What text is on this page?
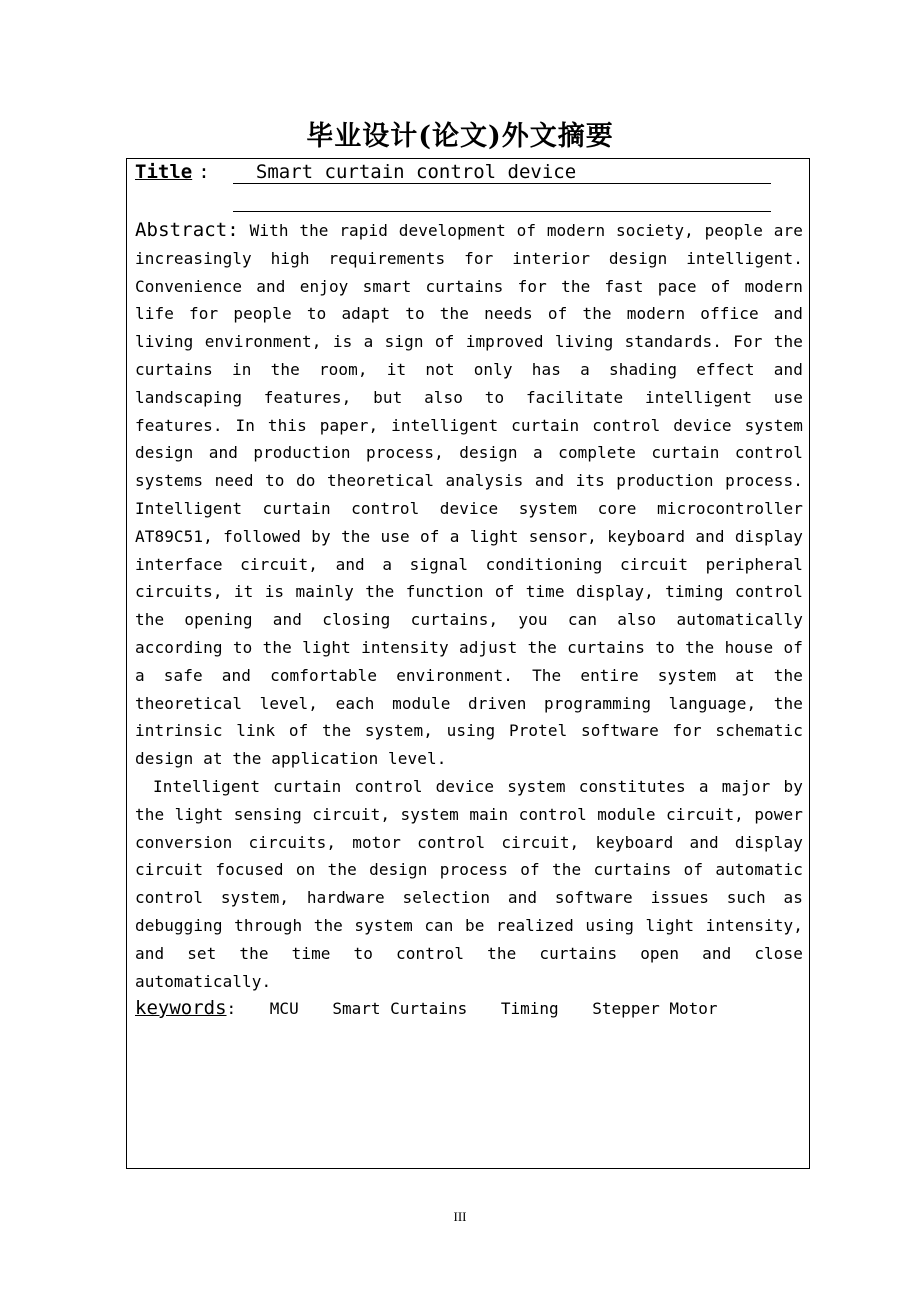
毕业设计(论文)外文摘要
Title : Smart curtain control device

Abstract: With the rapid development of modern society, people are increasingly high requirements for interior design intelligent. Convenience and enjoy smart curtains for the fast pace of modern life for people to adapt to the needs of the modern office and living environment, is a sign of improved living standards. For the curtains in the room, it not only has a shading effect and landscaping features, but also to facilitate intelligent use features. In this paper, intelligent curtain control device system design and production process, design a complete curtain control systems need to do theoretical analysis and its production process. Intelligent curtain control device system core microcontroller AT89C51, followed by the use of a light sensor, keyboard and display interface circuit, and a signal conditioning circuit peripheral circuits, it is mainly the function of time display, timing control the opening and closing curtains, you can also automatically according to the light intensity adjust the curtains to the house of a safe and comfortable environment. The entire system at the theoretical level, each module driven programming language, the intrinsic link of the system, using Protel software for schematic design at the application level.

Intelligent curtain control device system constitutes a major by the light sensing circuit, system main control module circuit, power conversion circuits, motor control circuit, keyboard and display circuit focused on the design process of the curtains of automatic control system, hardware selection and software issues such as debugging through the system can be realized using light intensity, and set the time to control the curtains open and close automatically.

keywords: MCU Smart Curtains Timing Stepper Motor
III
